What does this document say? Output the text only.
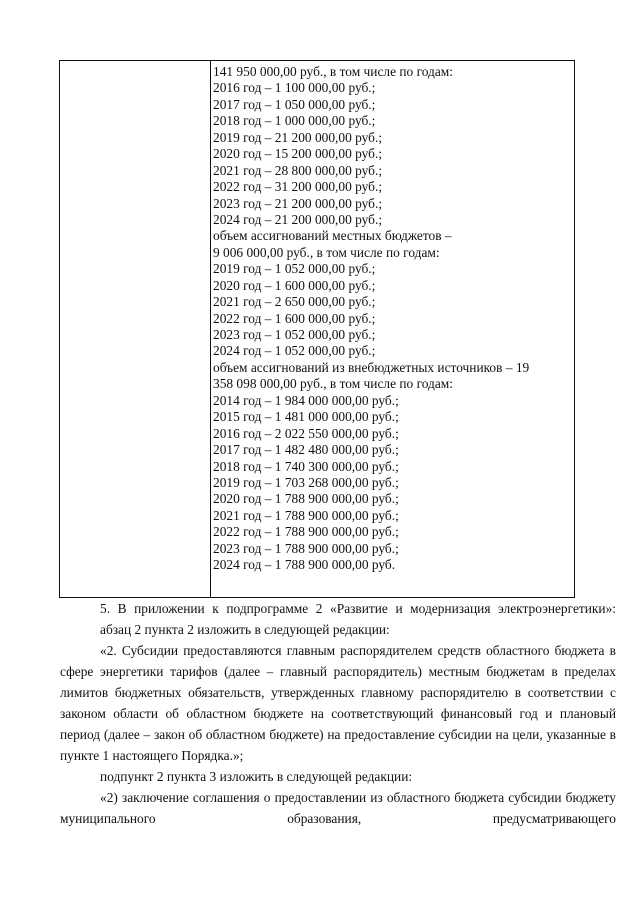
141 950 000,00 руб., в том числе по годам:
2016 год – 1 100 000,00 руб.;
2017 год – 1 050 000,00 руб.;
2018 год – 1 000 000,00 руб.;
2019 год – 21 200 000,00 руб.;
2020 год – 15 200 000,00 руб.;
2021 год – 28 800 000,00 руб.;
2022 год – 31 200 000,00 руб.;
2023 год – 21 200 000,00 руб.;
2024 год – 21 200 000,00 руб.;
объем ассигнований местных бюджетов –
9 006 000,00 руб., в том числе по годам:
2019 год – 1 052 000,00 руб.;
2020 год – 1 600 000,00 руб.;
2021 год – 2 650 000,00 руб.;
2022 год – 1 600 000,00 руб.;
2023 год – 1 052 000,00 руб.;
2024 год – 1 052 000,00 руб.;
объем ассигнований из внебюджетных источников – 19
358 098 000,00 руб., в том числе по годам:
2014 год – 1 984 000 000,00 руб.;
2015 год – 1 481 000 000,00 руб.;
2016 год – 2 022 550 000,00 руб.;
2017 год – 1 482 480 000,00 руб.;
2018 год – 1 740 300 000,00 руб.;
2019 год – 1 703 268 000,00 руб.;
2020 год – 1 788 900 000,00 руб.;
2021 год – 1 788 900 000,00 руб.;
2022 год – 1 788 900 000,00 руб.;
2023 год – 1 788 900 000,00 руб.;
2024 год – 1 788 900 000,00 руб.

5. В приложении к подпрограмме 2 «Развитие и модернизация электроэнергетики»:

абзац 2 пункта 2 изложить в следующей редакции:

«2. Субсидии предоставляются главным распорядителем средств областного бюджета в сфере энергетики тарифов (далее – главный распорядитель) местным бюджетам в пределах лимитов бюджетных обязательств, утвержденных главному распорядителю в соответствии с законом области об областном бюджете на соответствующий финансовый год и плановый период (далее – закон об областном бюджете) на предоставление субсидии на цели, указанные в пункте 1 настоящего Порядка.»;

подпункт 2 пункта 3 изложить в следующей редакции:

«2) заключение соглашения о предоставлении из областного бюджета субсидии бюджету муниципального образования, предусматривающего
